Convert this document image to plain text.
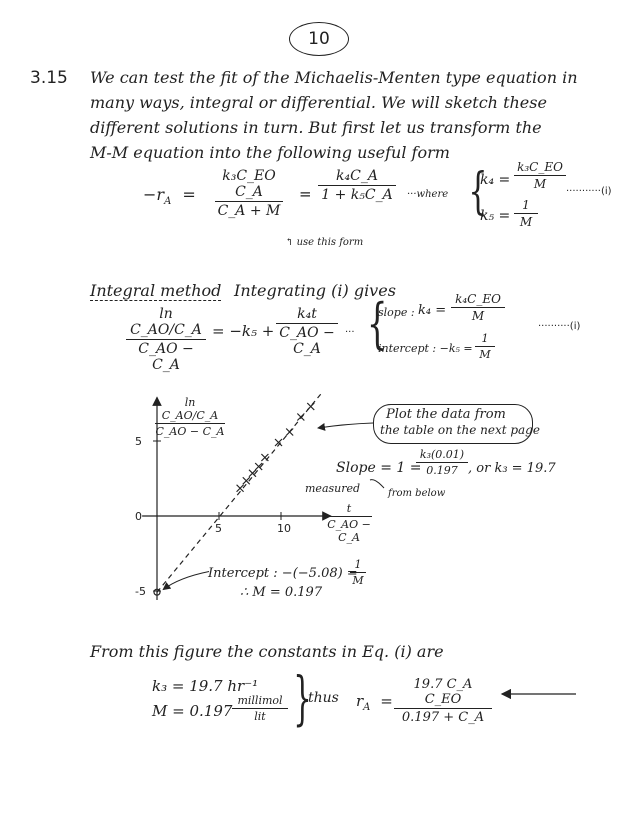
10
3.15 We can test the fit of the Michaelis-Menten type equation in
many ways, integral or differential. We will sketch these
different solutions in turn. But first let us transform the
M-M equation into the following useful form
$-r_A = \frac{\text{k₃C\_EO C\_A}}{C\_A + M} = \frac{\text{k₄C\_A}}{\text{1 + k₅C\_A}}$ ···where {
$k_4 = \frac{\text{k₃C\_EO}}{M}$
$k_5 = \frac{1}{M}$
···········(i)
↰ use this form
Integral method Integrating (i) gives
$\frac{\text{ln C\_AO/C\_A}}{C\_AO - C\_A} = -k_5 + \frac{\text{k₄t}}{C\_AO - C\_A}$ ··· {
slope : $k_4 = \frac{\text{k₄C\_EO}}{M}$
intercept : $-k_5 = \frac{1}{M}$
··········(i)
5
0
-5
5	10
$\frac{\text{ln C\_AO/C\_A}}{C\_AO - C\_A}$
$\frac{t}{C\_AO - C\_A}$
Plot the data from
the table on the next page
Slope = 1 =
$\frac{\text{k₃(0.01)}}{0.197}$ , or k₃ = 19.7
measured	from below
Intercept : −(−5.08) =
$\frac{1}{M}$
∴ M = 0.197
From this figure the constants in Eq. (i) are
k₃ = 19.7 hr⁻¹
M = 0.197
millimol
lit }
thus $r_A = \frac{\text{19.7 C\_A C\_EO}}{0.197 + C\_A}$
